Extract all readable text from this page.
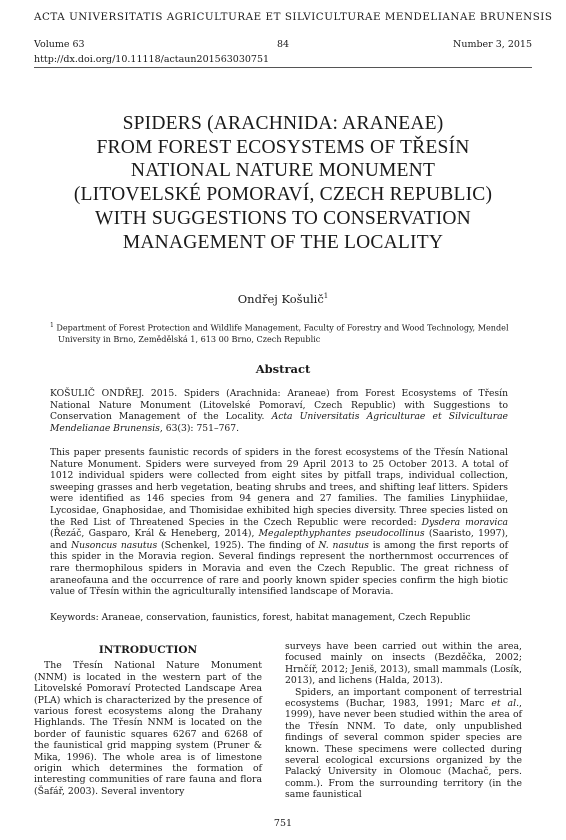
ACTA UNIVERSITATIS AGRICULTURAE ET SILVICULTURAE MENDELIANAE BRUNENSIS
Volume 63	84	Number 3, 2015
http://dx.doi.org/10.11118/actaun201563030751
SPIDERS (ARACHNIDA: ARANEAE)
FROM FOREST ECOSYSTEMS OF TŘESÍN
NATIONAL NATURE MONUMENT
(LITOVELSKÉ POMORAVÍ, CZECH REPUBLIC)
WITH SUGGESTIONS TO CONSERVATION
MANAGEMENT OF THE LOCALITY
Ondřej Košulič$^1$
$^1$ Department of Forest Protection and Wildlife Management, Faculty of Forestry and Wood Technology, Mendel University in Brno, Zemědělská 1, 613 00 Brno, Czech Republic
Abstract
KOŠULIČ ONDŘEJ. 2015. Spiders (Arachnida: Araneae) from Forest Ecosystems of Třesín National Nature Monument (Litovelské Pomoraví, Czech Republic) with Suggestions to Conservation Management of the Locality. Acta Universitatis Agriculturae et Silviculturae Mendelianae Brunensis, 63(3): 751–767.
This paper presents faunistic records of spiders in the forest ecosystems of the Třesín National Nature Monument. Spiders were surveyed from 29 April 2013 to 25 October 2013. A total of 1012 individual spiders were collected from eight sites by pitfall traps, individual collection, sweeping grasses and herb vegetation, beating shrubs and trees, and shifting leaf litters. Spiders were identified as 146 species from 94 genera and 27 families. The families Linyphiidae, Lycosidae, Gnaphosidae, and Thomisidae exhibited high species diversity. Three species listed on the Red List of Threatened Species in the Czech Republic were recorded: Dysdera moravica (Řezáč, Gasparo, Král & Heneberg, 2014), Megalepthyphantes pseudocollinus (Saaristo, 1997), and Nusoncus nasutus (Schenkel, 1925). The finding of N. nasutus is among the first reports of this spider in the Moravia region. Several findings represent the northernmost occurrences of rare thermophilous spiders in Moravia and even the Czech Republic. The great richness of araneofauna and the occurrence of rare and poorly known spider species confirm the high biotic value of Třesín within the agriculturally intensified landscape of Moravia.
Keywords: Araneae, conservation, faunistics, forest, habitat management, Czech Republic
INTRODUCTION

The Třesín National Nature Monument (NNM) is located in the western part of the Litovelské Pomoraví Protected Landscape Area (PLA) which is characterized by the presence of various forest ecosystems along the Drahany Highlands. The Třesín NNM is located on the border of faunistic squares 6267 and 6268 of the faunistical grid mapping system (Pruner & Mika, 1996). The whole area is of limestone origin which determines the formation of interesting communities of rare fauna and flora (Šafář, 2003). Several inventory

surveys have been carried out within the area, focused mainly on insects (Bezděčka, 2002; Hrnčíř, 2012; Jeniš, 2013), small mammals (Losík, 2013), and lichens (Halda, 2013).

Spiders, an important component of terrestrial ecosystems (Buchar, 1983, 1991; Marc et al., 1999), have never been studied within the area of the Třesín NNM. To date, only unpublished findings of several common spider species are known. These specimens were collected during several ecological excursions organized by the Palacký University in Olomouc (Machač, pers. comm.). From the surrounding territory (in the same faunistical

751
